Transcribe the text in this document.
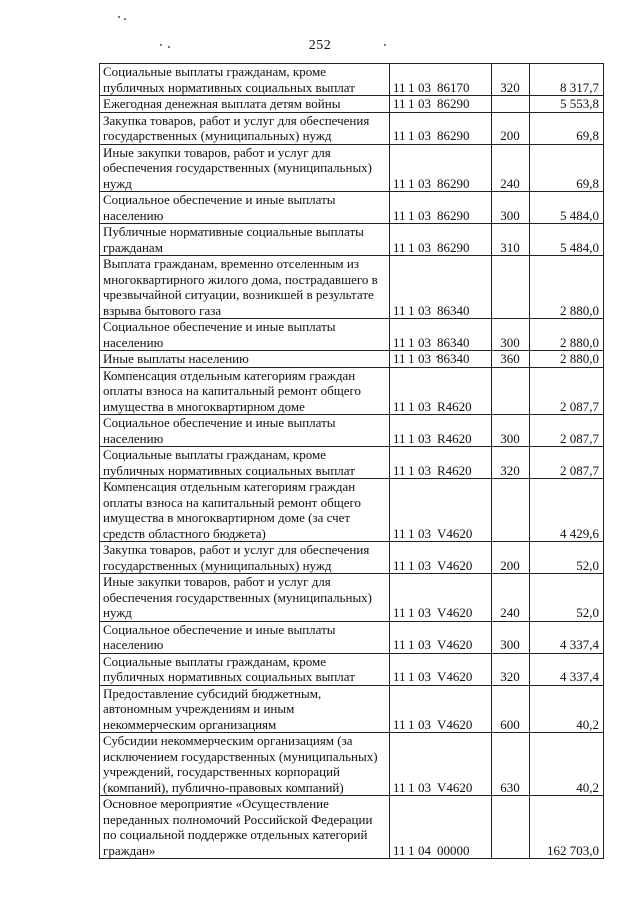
252
Социальные выплаты гражданам, кроме публичных нормативных социальных выплат	11 1 03 86170	320	8 317,7
Ежегодная денежная выплата детям войны	11 1 03 86290		5 553,8
Закупка товаров, работ и услуг для обеспечения государственных (муниципальных) нужд	11 1 03 86290	200	69,8
Иные закупки товаров, работ и услуг для обеспечения государственных (муниципальных) нужд	11 1 03 86290	240	69,8
Социальное обеспечение и иные выплаты населению	11 1 03 86290	300	5 484,0
Публичные нормативные социальные выплаты гражданам	11 1 03 86290	310	5 484,0
Выплата гражданам, временно отселенным из многоквартирного жилого дома, пострадавшего в чрезвычайной ситуации, возникшей в результате взрыва бытового газа	11 1 03 86340		2 880,0
Социальное обеспечение и иные выплаты населению	11 1 03 86340	300	2 880,0
Иные выплаты населению	11 1 03 86340	360	2 880,0
Компенсация отдельным категориям граждан оплаты взноса на капитальный ремонт общего имущества в многоквартирном доме	11 1 03 R4620		2 087,7
Социальное обеспечение и иные выплаты населению	11 1 03 R4620	300	2 087,7
Социальные выплаты гражданам, кроме публичных нормативных социальных выплат	11 1 03 R4620	320	2 087,7
Компенсация отдельным категориям граждан оплаты взноса на капитальный ремонт общего имущества в многоквартирном доме (за счет средств областного бюджета)	11 1 03 V4620		4 429,6
Закупка товаров, работ и услуг для обеспечения государственных (муниципальных) нужд	11 1 03 V4620	200	52,0
Иные закупки товаров, работ и услуг для обеспечения государственных (муниципальных) нужд	11 1 03 V4620	240	52,0
Социальное обеспечение и иные выплаты населению	11 1 03 V4620	300	4 337,4
Социальные выплаты гражданам, кроме публичных нормативных социальных выплат	11 1 03 V4620	320	4 337,4
Предоставление субсидий бюджетным, автономным учреждениям и иным некоммерческим организациям	11 1 03 V4620	600	40,2
Субсидии некоммерческим организациям (за исключением государственных (муниципальных) учреждений, государственных корпораций (компаний), публично-правовых компаний)	11 1 03 V4620	630	40,2
Основное мероприятие «Осуществление переданных полномочий Российской Федерации по социальной поддержке отдельных категорий граждан»	11 1 04 00000		162 703,0
